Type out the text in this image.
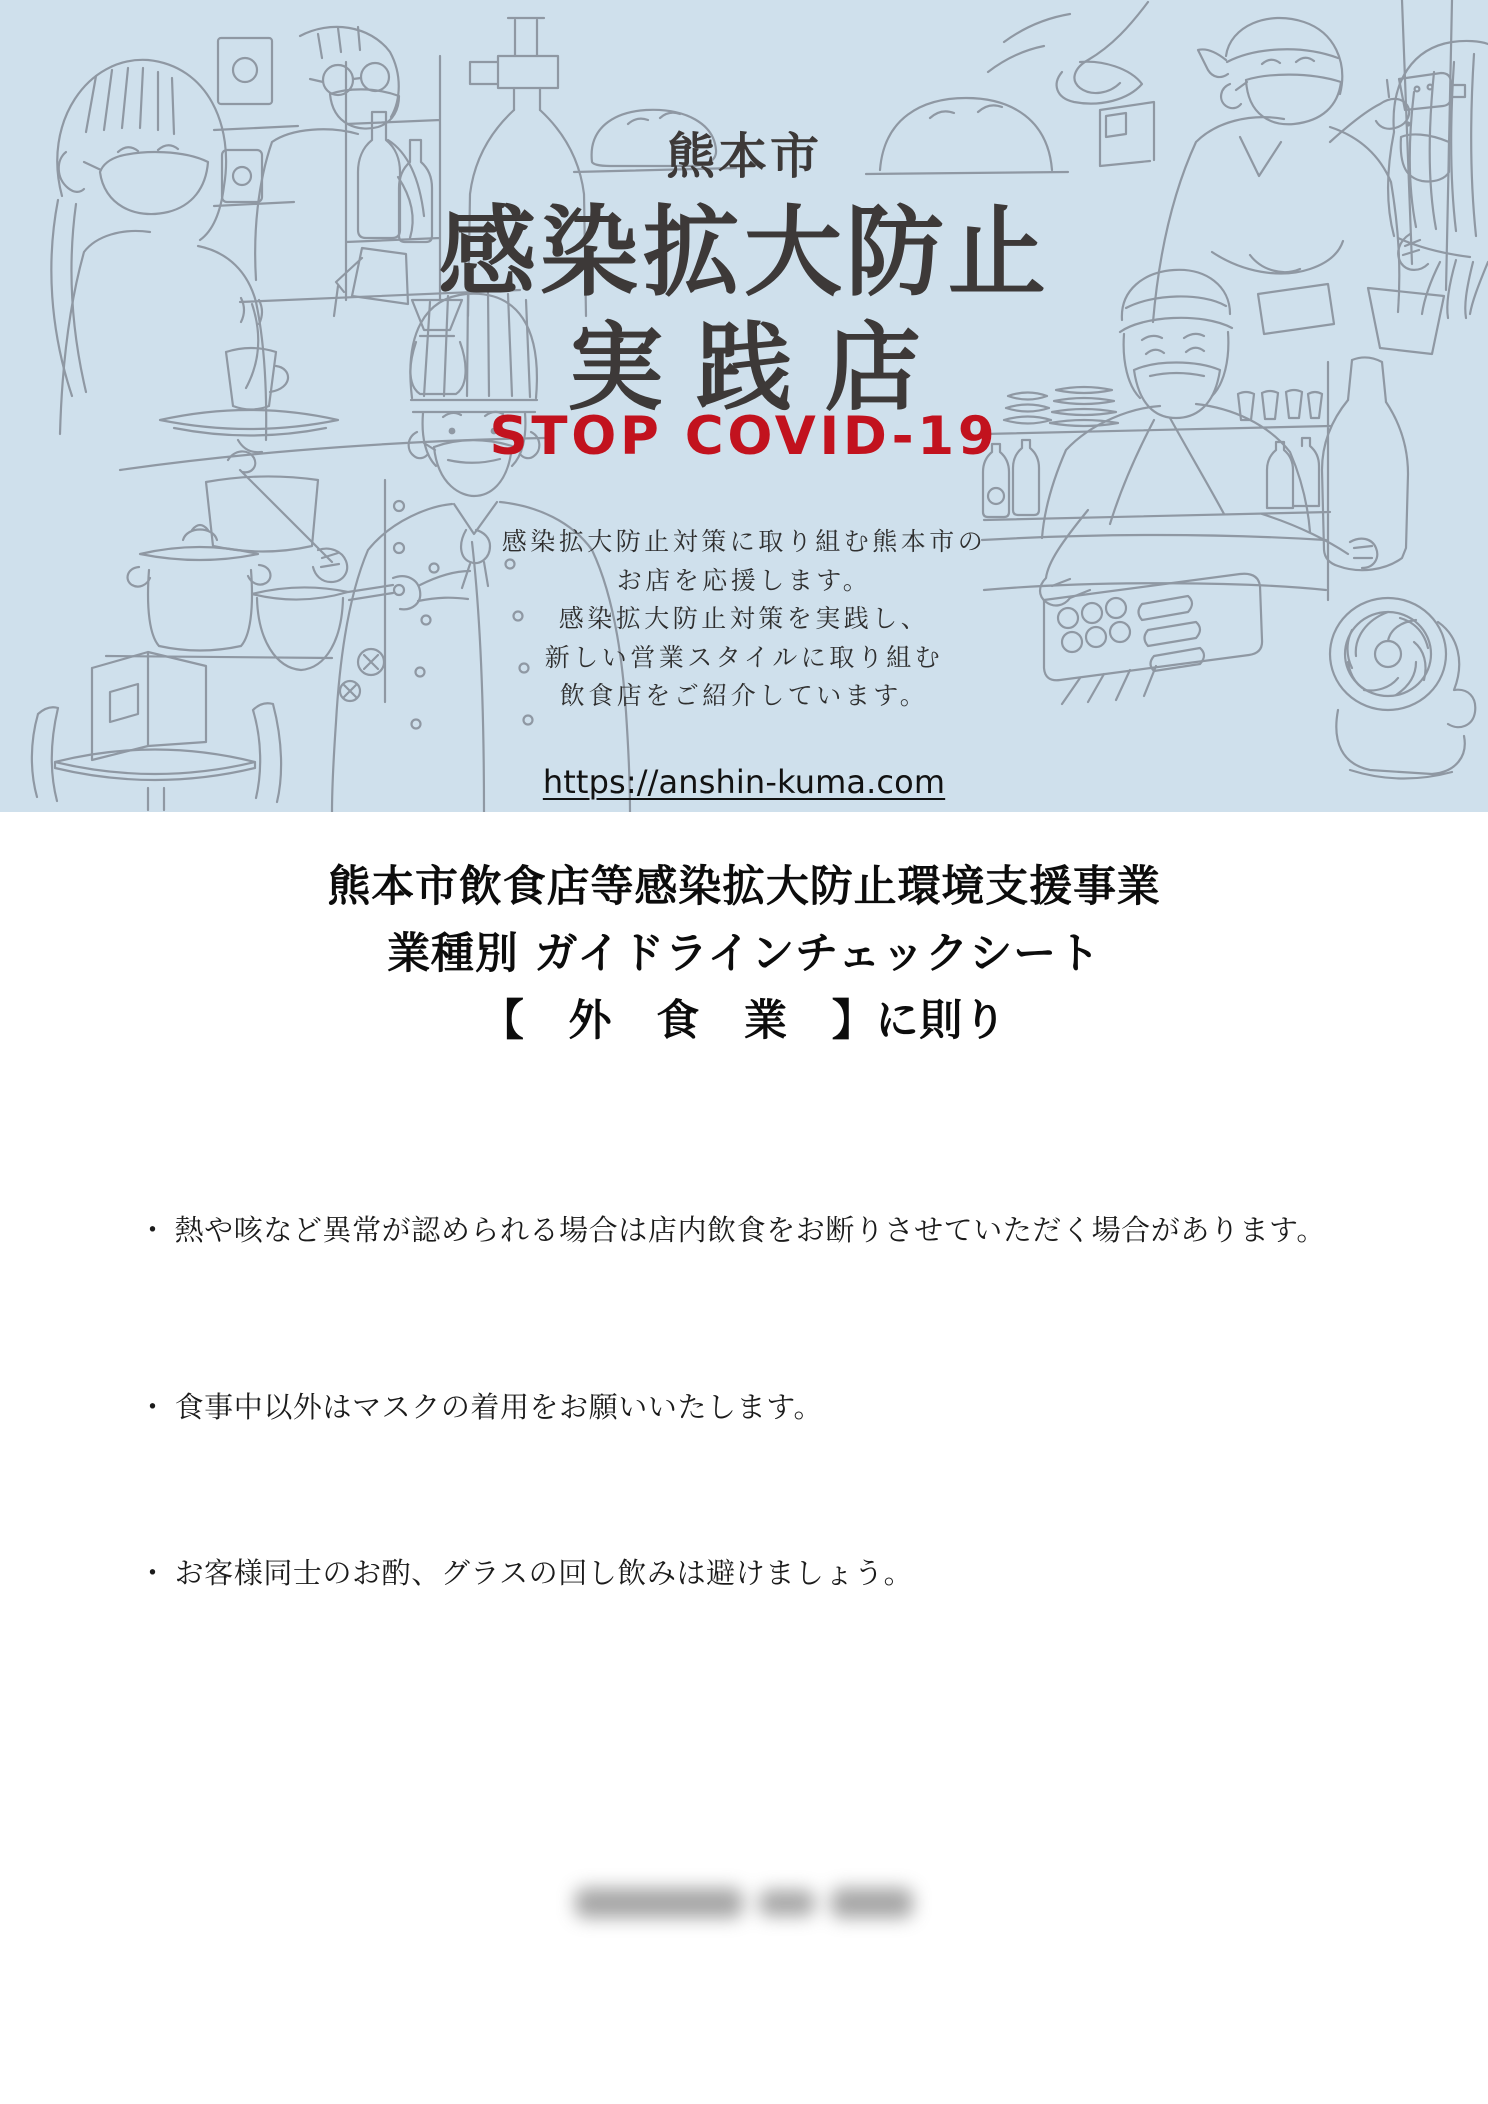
熊本市
感染拡大防止
実践店
STOP COVID-19
感染拡大防止対策に取り組む熊本市の
お店を応援します。
感染拡大防止対策を実践し、
新しい営業スタイルに取り組む
飲食店をご紹介しています。
https://anshin-kuma.com
熊本市飲食店等感染拡大防止環境支援事業
業種別 ガイドラインチェックシート
【　外　食　業　】に則り
・ 熱や咳など異常が認められる場合は店内飲食をお断りさせていただく場合があります。
・ 食事中以外はマスクの着用をお願いいたします。
・ お客様同士のお酌、グラスの回し飲みは避けましょう。
